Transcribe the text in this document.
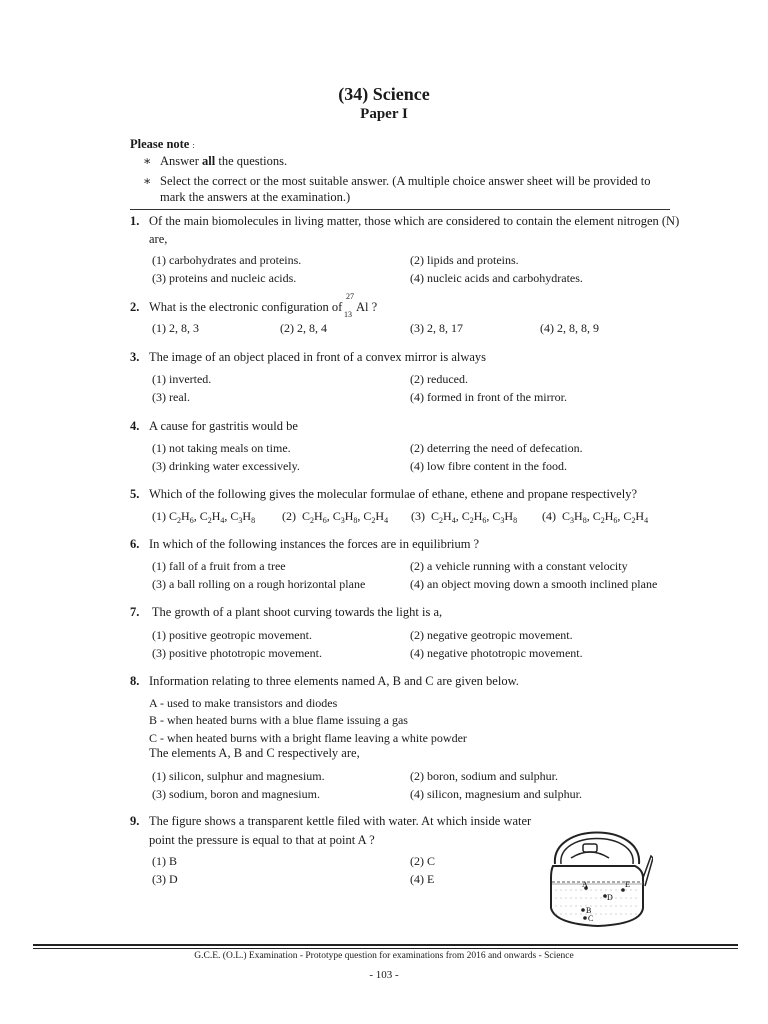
(34) Science
Paper I
Please note :
∗ Answer all the questions.
∗ Select the correct or the most suitable answer. (A multiple choice answer sheet will be provided to
mark the answers at the examination.)
1. Of the main biomolecules in living matter, those which are considered to contain the element nitrogen (N)
are,
(1) carbohydrates and proteins.	(2) lipids and proteins.
(3) proteins and nucleic acids.	(4) nucleic acids and carbohydrates.
2. What is the electronic configuration of
27
13
Al ?
(1) 2, 8, 3	(2) 2, 8, 4	(3) 2, 8, 17	(4) 2, 8, 8, 9
3. The image of an object placed in front of a convex mirror is always
(1) inverted.	(2) reduced.
(3) real.	(4) formed in front of the mirror.
4. A cause for gastritis would be
(1) not taking meals on time.	(2) deterring the need of defecation.
(3) drinking water excessively.	(4) low fibre content in the food.
5. Which of the following gives the molecular formulae of ethane, ethene and propane respectively?
(1) $C_2H_6$, $C_2H_4$, $C_3H_8$ (2) $C_2H_6$, $C_3H_8$, $C_2H_4$ (3) $C_2H_4$, $C_2H_6$, $C_3H_8$ (4) $C_3H_8$, $C_2H_6$, $C_2H_4$
6. In which of the following instances the forces are in equilibrium ?
(1) fall of a fruit from a tree	(2) a vehicle running with a constant velocity
(3) a ball rolling on a rough horizontal plane	(4) an object moving down a smooth inclined plane
7. The growth of a plant shoot curving towards the light is a,
(1) positive geotropic movement.	(2) negative geotropic movement.
(3) positive phototropic movement.	(4) negative phototropic movement.
8. Information relating to three elements named A, B and C are given below.
A - used to make transistors and diodes
B - when heated burns with a blue flame issuing a gas
C - when heated burns with a bright flame leaving a white powder
The elements A, B and C respectively are,
(1) silicon, sulphur and magnesium.	(2) boron, sodium and sulphur.
(3) sodium, boron and magnesium.	(4) silicon, magnesium and sulphur.
9. The figure shows a transparent kettle filed with water. At which inside water
point the pressure is equal to that at point A ?
(1) B	(2) C
(3) D	(4) E	A
D
B
C
E
G.C.E. (O.L.) Examination - Prototype question for examinations from 2016 and onwards - Science
- 103 -
